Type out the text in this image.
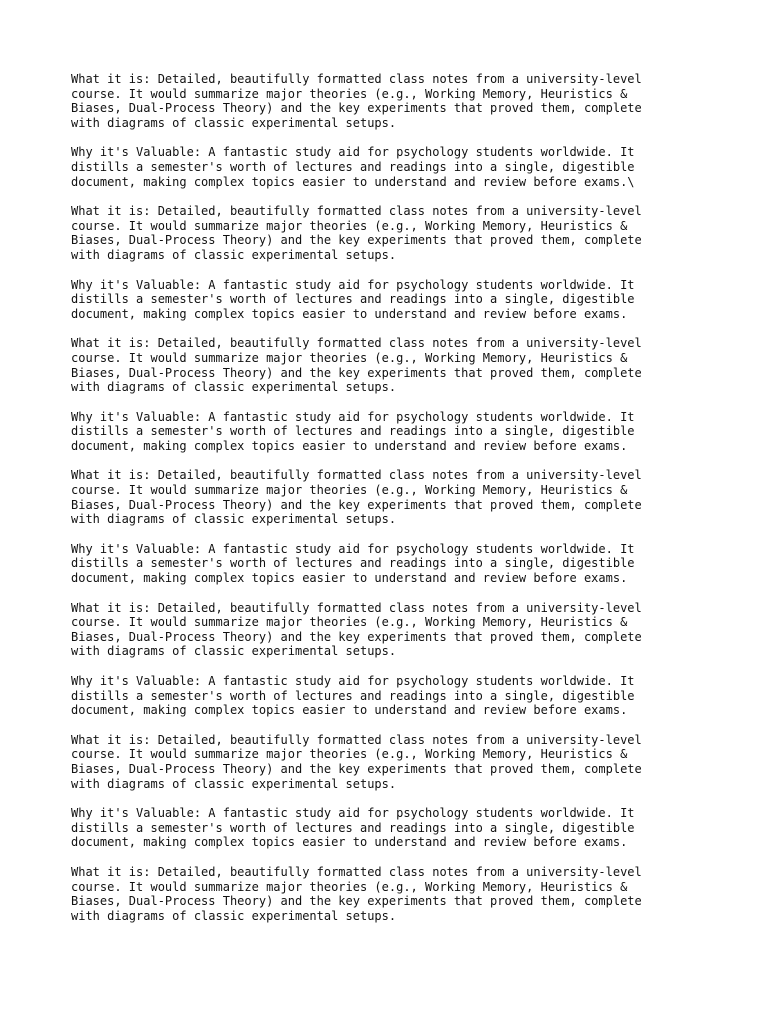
What it is: Detailed, beautifully formatted class notes from a university-level
course. It would summarize major theories (e.g., Working Memory, Heuristics &
Biases, Dual-Process Theory) and the key experiments that proved them, complete
with diagrams of classic experimental setups.

Why it's Valuable: A fantastic study aid for psychology students worldwide. It
distills a semester's worth of lectures and readings into a single, digestible
document, making complex topics easier to understand and review before exams.\

What it is: Detailed, beautifully formatted class notes from a university-level
course. It would summarize major theories (e.g., Working Memory, Heuristics &
Biases, Dual-Process Theory) and the key experiments that proved them, complete
with diagrams of classic experimental setups.

Why it's Valuable: A fantastic study aid for psychology students worldwide. It
distills a semester's worth of lectures and readings into a single, digestible
document, making complex topics easier to understand and review before exams.

What it is: Detailed, beautifully formatted class notes from a university-level
course. It would summarize major theories (e.g., Working Memory, Heuristics &
Biases, Dual-Process Theory) and the key experiments that proved them, complete
with diagrams of classic experimental setups.

Why it's Valuable: A fantastic study aid for psychology students worldwide. It
distills a semester's worth of lectures and readings into a single, digestible
document, making complex topics easier to understand and review before exams.

What it is: Detailed, beautifully formatted class notes from a university-level
course. It would summarize major theories (e.g., Working Memory, Heuristics &
Biases, Dual-Process Theory) and the key experiments that proved them, complete
with diagrams of classic experimental setups.

Why it's Valuable: A fantastic study aid for psychology students worldwide. It
distills a semester's worth of lectures and readings into a single, digestible
document, making complex topics easier to understand and review before exams.

What it is: Detailed, beautifully formatted class notes from a university-level
course. It would summarize major theories (e.g., Working Memory, Heuristics &
Biases, Dual-Process Theory) and the key experiments that proved them, complete
with diagrams of classic experimental setups.

Why it's Valuable: A fantastic study aid for psychology students worldwide. It
distills a semester's worth of lectures and readings into a single, digestible
document, making complex topics easier to understand and review before exams.

What it is: Detailed, beautifully formatted class notes from a university-level
course. It would summarize major theories (e.g., Working Memory, Heuristics &
Biases, Dual-Process Theory) and the key experiments that proved them, complete
with diagrams of classic experimental setups.

Why it's Valuable: A fantastic study aid for psychology students worldwide. It
distills a semester's worth of lectures and readings into a single, digestible
document, making complex topics easier to understand and review before exams.

What it is: Detailed, beautifully formatted class notes from a university-level
course. It would summarize major theories (e.g., Working Memory, Heuristics &
Biases, Dual-Process Theory) and the key experiments that proved them, complete
with diagrams of classic experimental setups.
